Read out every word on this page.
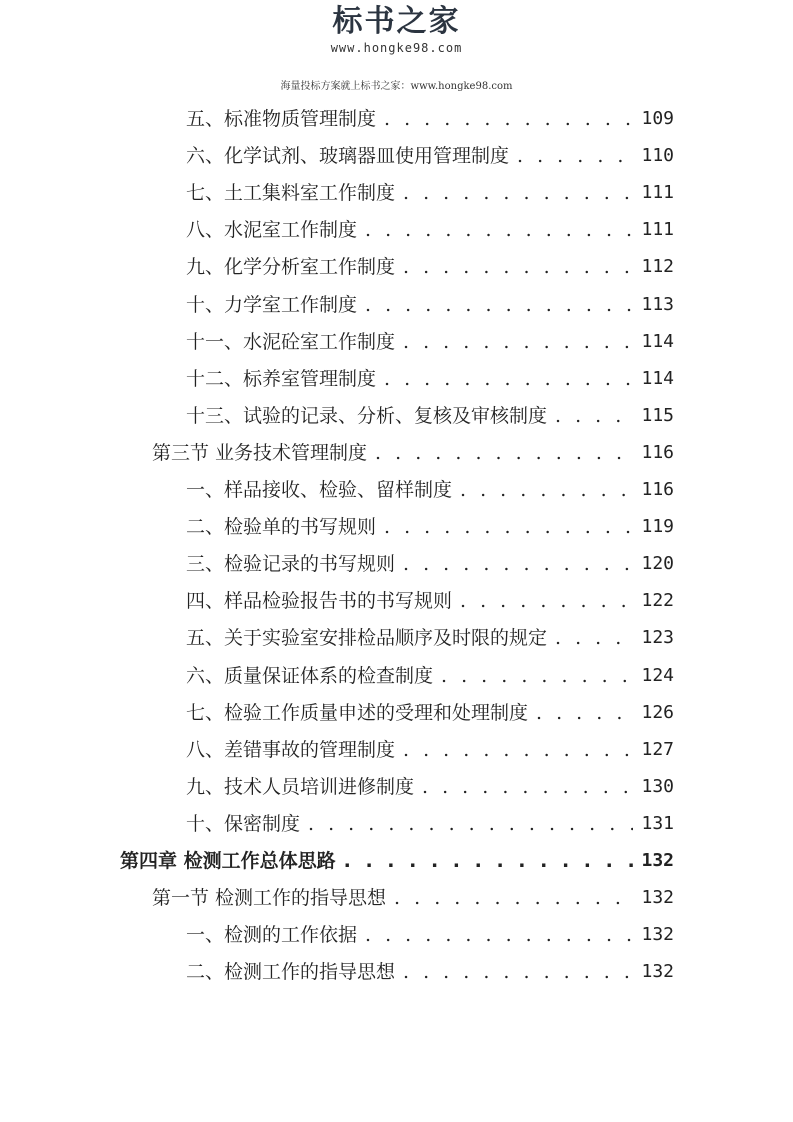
标书之家
www.hongke98.com
海量投标方案就上标书之家：www.hongke98.com
五、标准物质管理制度 . . .	109
六、化学试剂、玻璃器皿使用管理制度 . . .	110
七、土工集料室工作制度 . . .	111
八、水泥室工作制度 . . .	111
九、化学分析室工作制度 . . .	112
十、力学室工作制度 . . .	113
十一、水泥砼室工作制度 . . .	114
十二、标养室管理制度 . . .	114
十三、试验的记录、分析、复核及审核制度 . . .	115
第三节 业务技术管理制度 . . .	116
一、样品接收、检验、留样制度 . . .	116
二、检验单的书写规则 . . .	119
三、检验记录的书写规则 . . .	120
四、样品检验报告书的书写规则 . . .	122
五、关于实验室安排检品顺序及时限的规定 . . .	123
六、质量保证体系的检查制度 . . .	124
七、检验工作质量申述的受理和处理制度 . . .	126
八、差错事故的管理制度 . . .	127
九、技术人员培训进修制度 . . .	130
十、保密制度 . . .	131
第四章 检测工作总体思路 . . .	132
第一节 检测工作的指导思想 . . .	132
一、检测的工作依据 . . .	132
二、检测工作的指导思想 . . .	132
